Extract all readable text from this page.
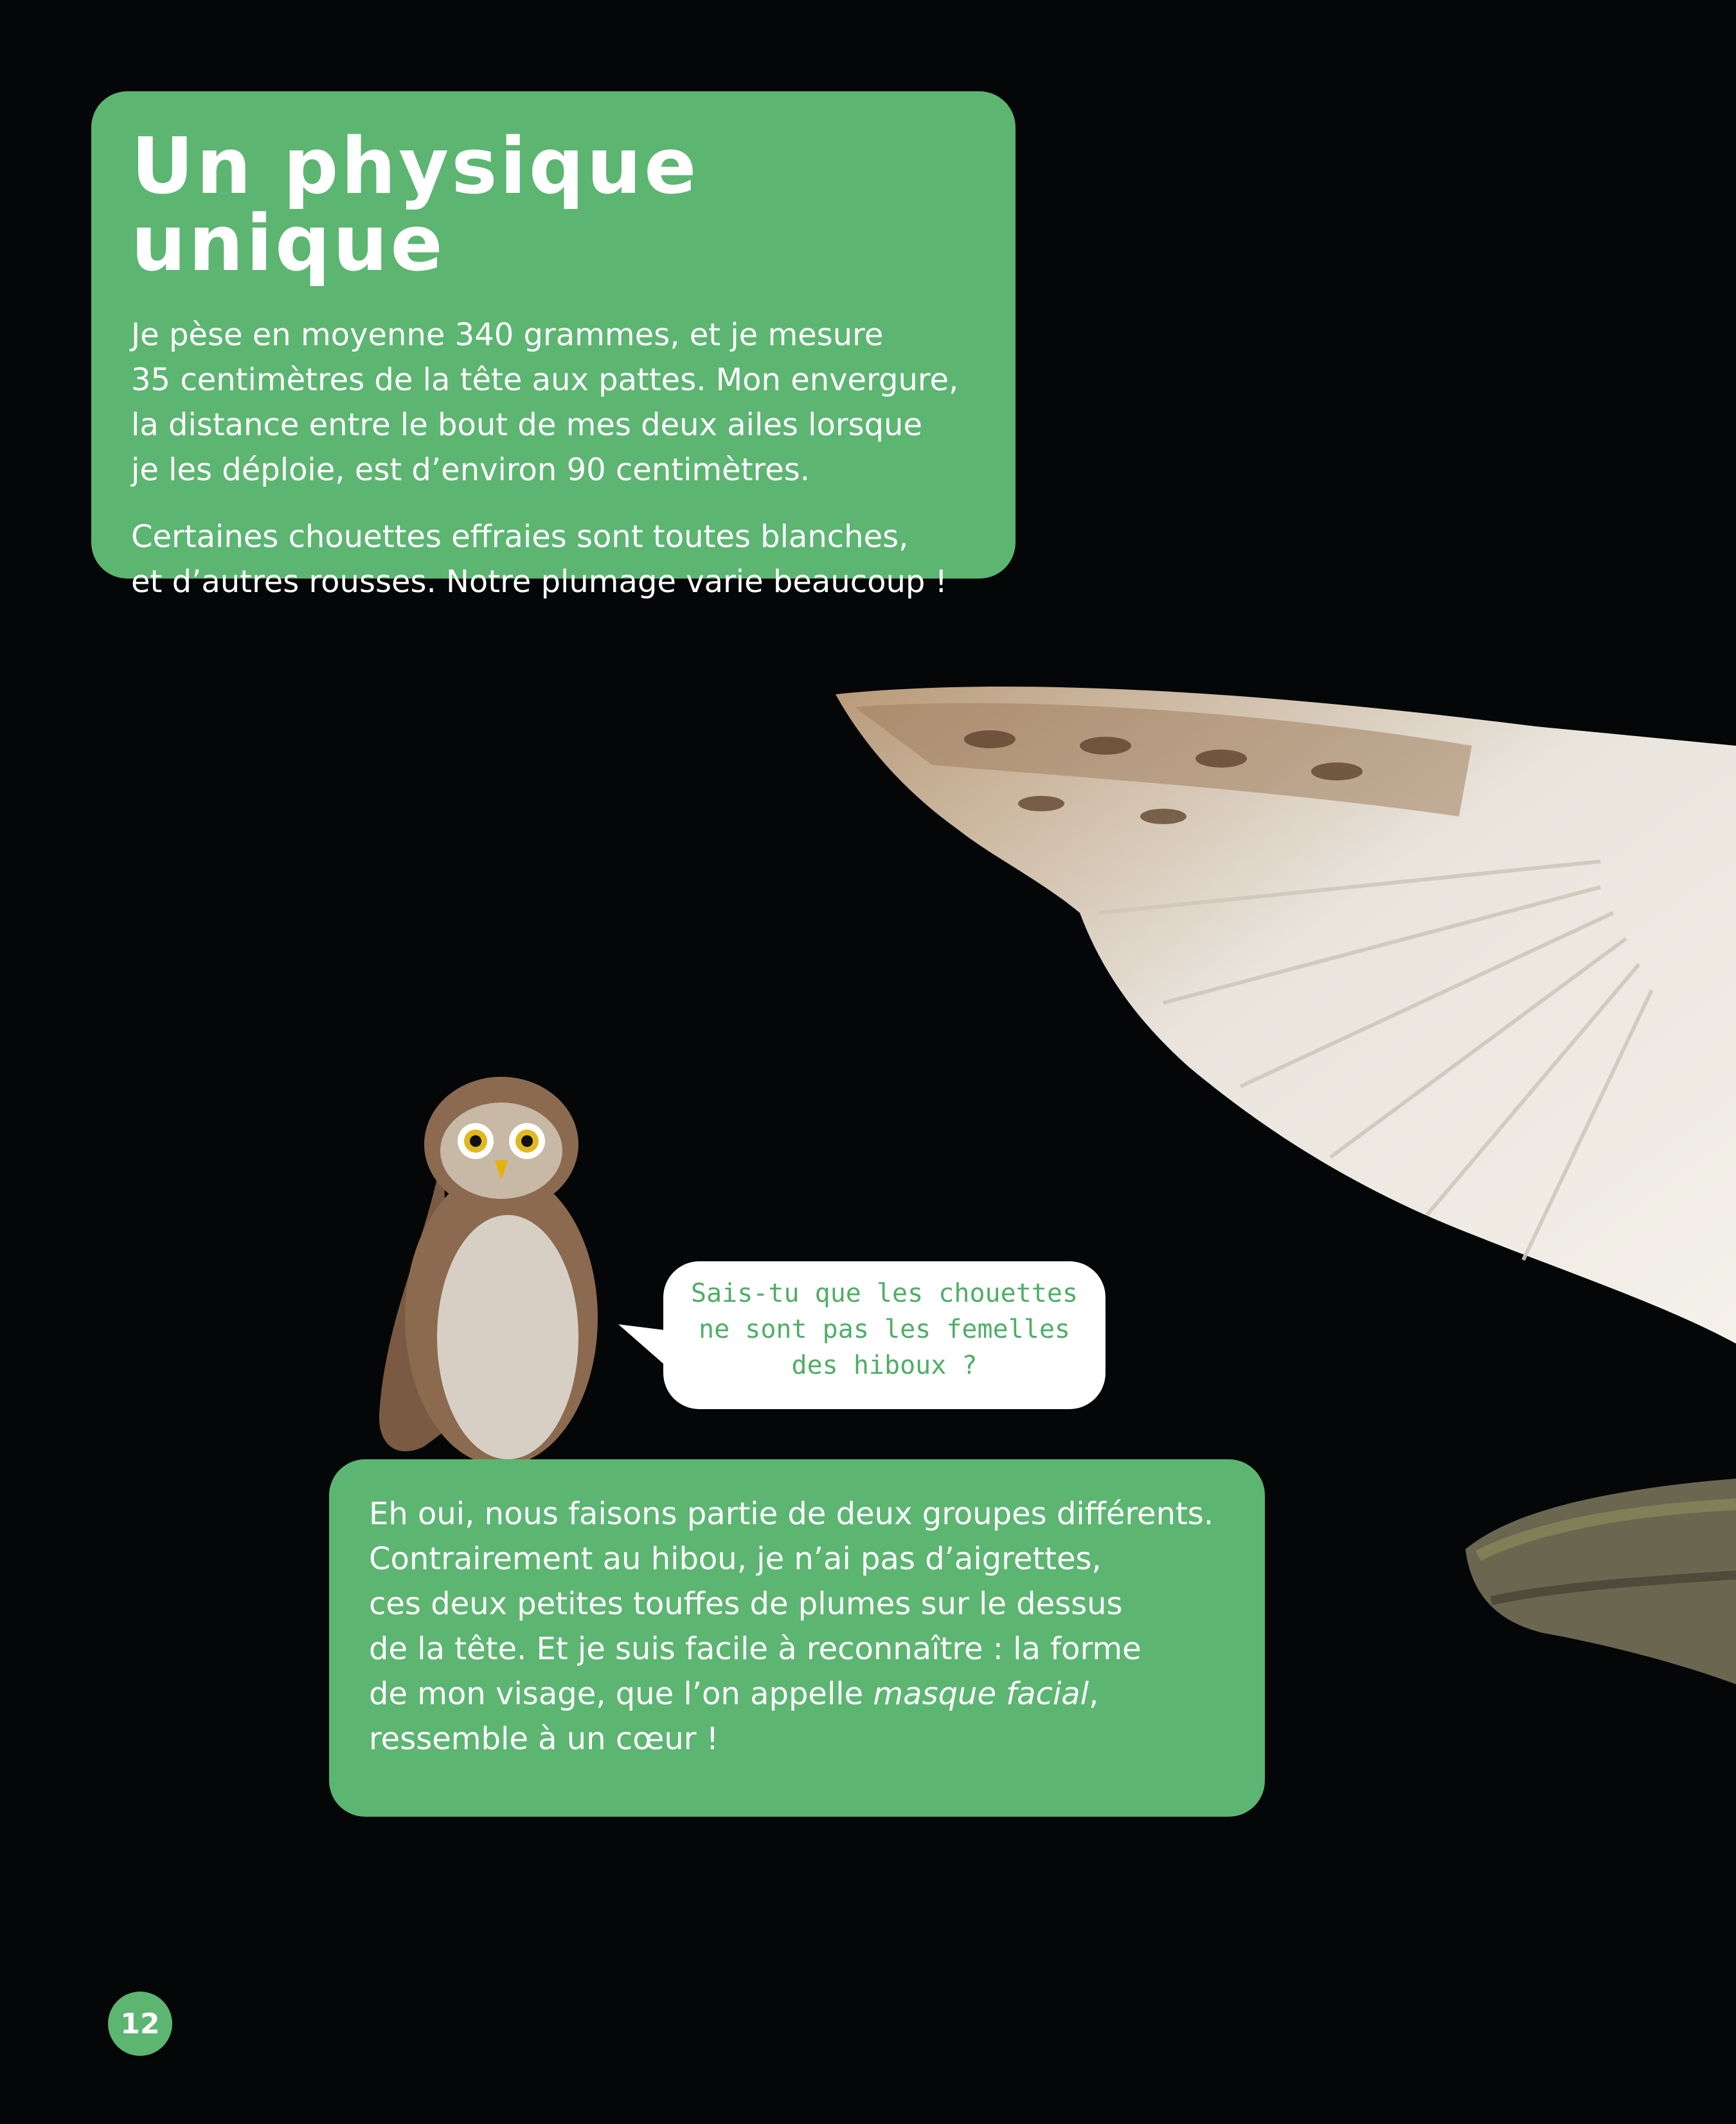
Un physique unique

Je pèse en moyenne 340 grammes, et je mesure
35 centimètres de la tête aux pattes. Mon envergure,
la distance entre le bout de mes deux ailes lorsque
je les déploie, est d’environ 90 centimètres.

Certaines chouettes effraies sont toutes blanches,
et d’autres rousses. Notre plumage varie beaucoup !

Sais-tu que les chouettes
ne sont pas les femelles
des hiboux ?

Eh oui, nous faisons partie de deux groupes différents.
Contrairement au hibou, je n’ai pas d’aigrettes,
ces deux petites touffes de plumes sur le dessus
de la tête. Et je suis facile à reconnaître : la forme
de mon visage, que l’on appelle masque facial,
ressemble à un cœur !

12
